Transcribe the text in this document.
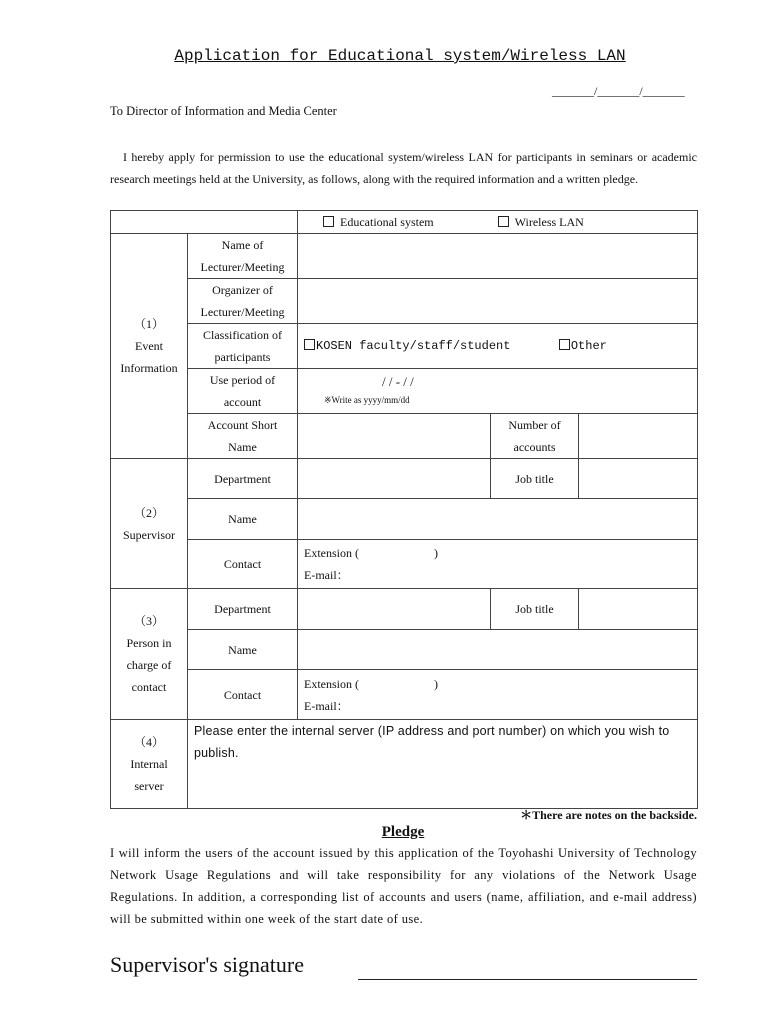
Application for Educational system/Wireless LAN
_______/_______/_______
To Director of Information and Media Center
I hereby apply for permission to use the educational system/wireless LAN for participants in seminars or academic research meetings held at the University, as follows, along with the required information and a written pledge.
		Educational system Wireless LAN		

（1）
Event
Information	Name of Lecturer/Meeting			
	Organizer of Lecturer/Meeting			
	Classification of participants	KOSEN faculty/staff/student Other		
	Use period of account	/ / - / /
※Write as yyyy/mm/dd		

	Account Short Name		Number of accounts	

（2）
Supervisor	Department		Job title	
	Name			
	Contact	Extension (                         )
E-mail：		

（3）
Person in
charge of
contact	Department		Job title	
	Name			
	Contact	Extension (                         )
E-mail：		

（4）
Internal
server	Please enter the internal server (IP address and port number) on which you wish to publish.			
＊There are notes on the backside.
Pledge
I will inform the users of the account issued by this application of the Toyohashi University of Technology Network Usage Regulations and will take responsibility for any violations of the Network Usage Regulations. In addition, a corresponding list of accounts and users (name, affiliation, and e-mail address) will be submitted within one week of the start date of use.
Supervisor's signature
